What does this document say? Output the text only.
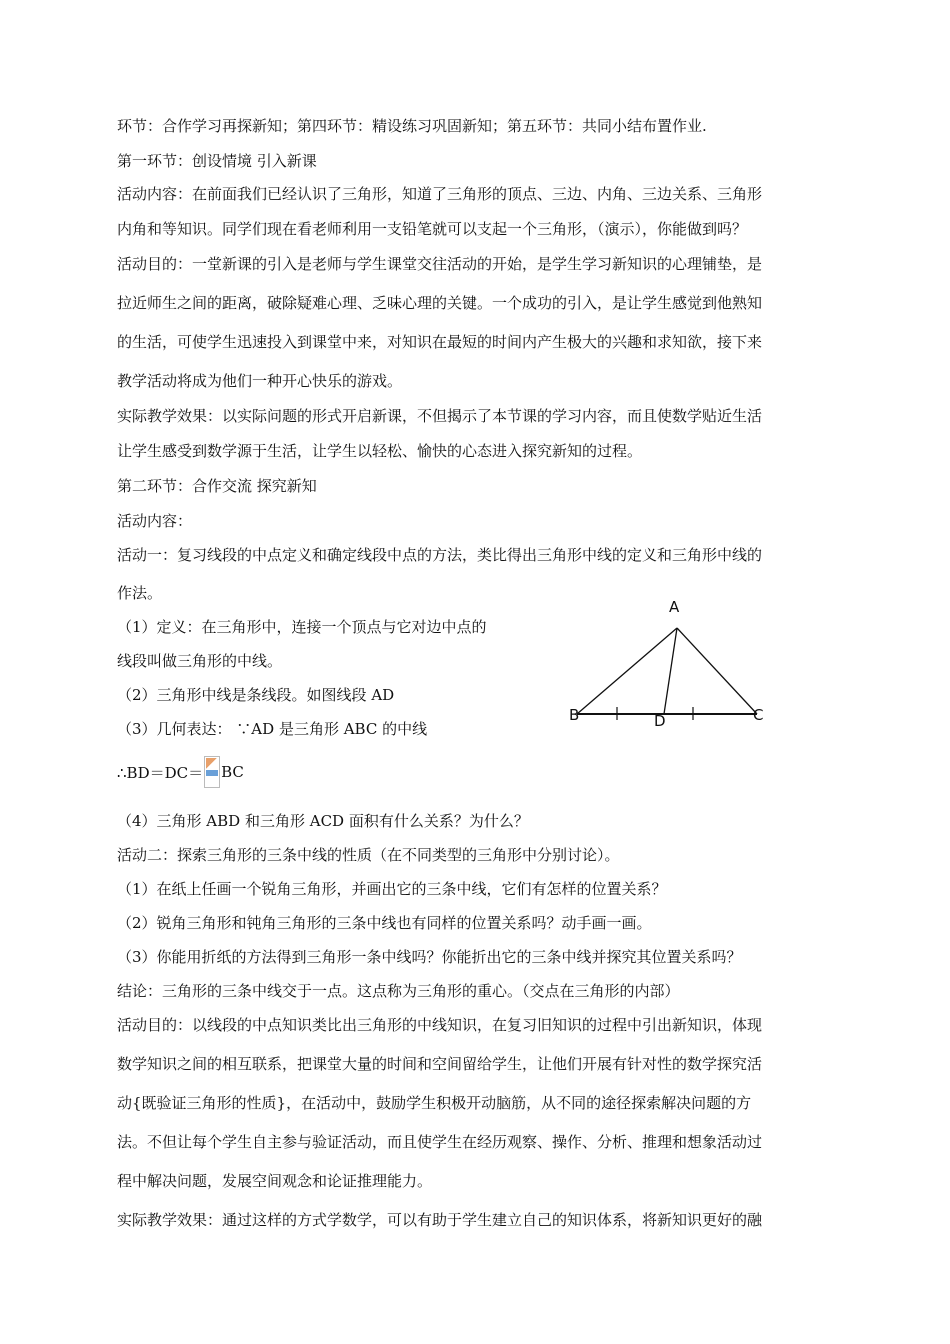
环节：合作学习再探新知；第四环节：精设练习巩固新知；第五环节：共同小结布置作业.
第一环节：创设情境 引入新课
活动内容：在前面我们已经认识了三角形，知道了三角形的顶点、三边、内角、三边关系、三角形
内角和等知识。同学们现在看老师利用一支铅笔就可以支起一个三角形，（演示），你能做到吗？
活动目的：一堂新课的引入是老师与学生课堂交往活动的开始，是学生学习新知识的心理铺垫，是
拉近师生之间的距离，破除疑难心理、乏味心理的关键。一个成功的引入，是让学生感觉到他熟知
的生活，可使学生迅速投入到课堂中来，对知识在最短的时间内产生极大的兴趣和求知欲，接下来
教学活动将成为他们一种开心快乐的游戏。
实际教学效果：以实际问题的形式开启新课，不但揭示了本节课的学习内容，而且使数学贴近生活
让学生感受到数学源于生活，让学生以轻松、愉快的心态进入探究新知的过程。
第二环节：合作交流 探究新知
活动内容：
活动一：复习线段的中点定义和确定线段中点的方法，类比得出三角形中线的定义和三角形中线的
作法。
（1）定义：在三角形中，连接一个顶点与它对边中点的
线段叫做三角形的中线。
（2）三角形中线是条线段。如图线段 AD
（3）几何表达： ∵AD 是三角形 ABC 的中线
（4）三角形 ABD 和三角形 ACD 面积有什么关系？为什么？
活动二：探索三角形的三条中线的性质（在不同类型的三角形中分别讨论）。
（1）在纸上任画一个锐角三角形，并画出它的三条中线，它们有怎样的位置关系？
（2）锐角三角形和钝角三角形的三条中线也有同样的位置关系吗？动手画一画。
（3）你能用折纸的方法得到三角形一条中线吗？你能折出它的三条中线并探究其位置关系吗？
结论：三角形的三条中线交于一点。这点称为三角形的重心。（交点在三角形的内部）
活动目的：以线段的中点知识类比出三角形的中线知识，在复习旧知识的过程中引出新知识，体现
数学知识之间的相互联系，把课堂大量的时间和空间留给学生，让他们开展有针对性的数学探究活
动{既验证三角形的性质}，在活动中，鼓励学生积极开动脑筋，从不同的途径探索解决问题的方
法。不但让每个学生自主参与验证活动，而且使学生在经历观察、操作、分析、推理和想象活动过
程中解决问题，发展空间观念和论证推理能力。
实际教学效果：通过这样的方式学数学，可以有助于学生建立自己的知识体系，将新知识更好的融
∴BD＝DC＝ BC
A
B	C
D
